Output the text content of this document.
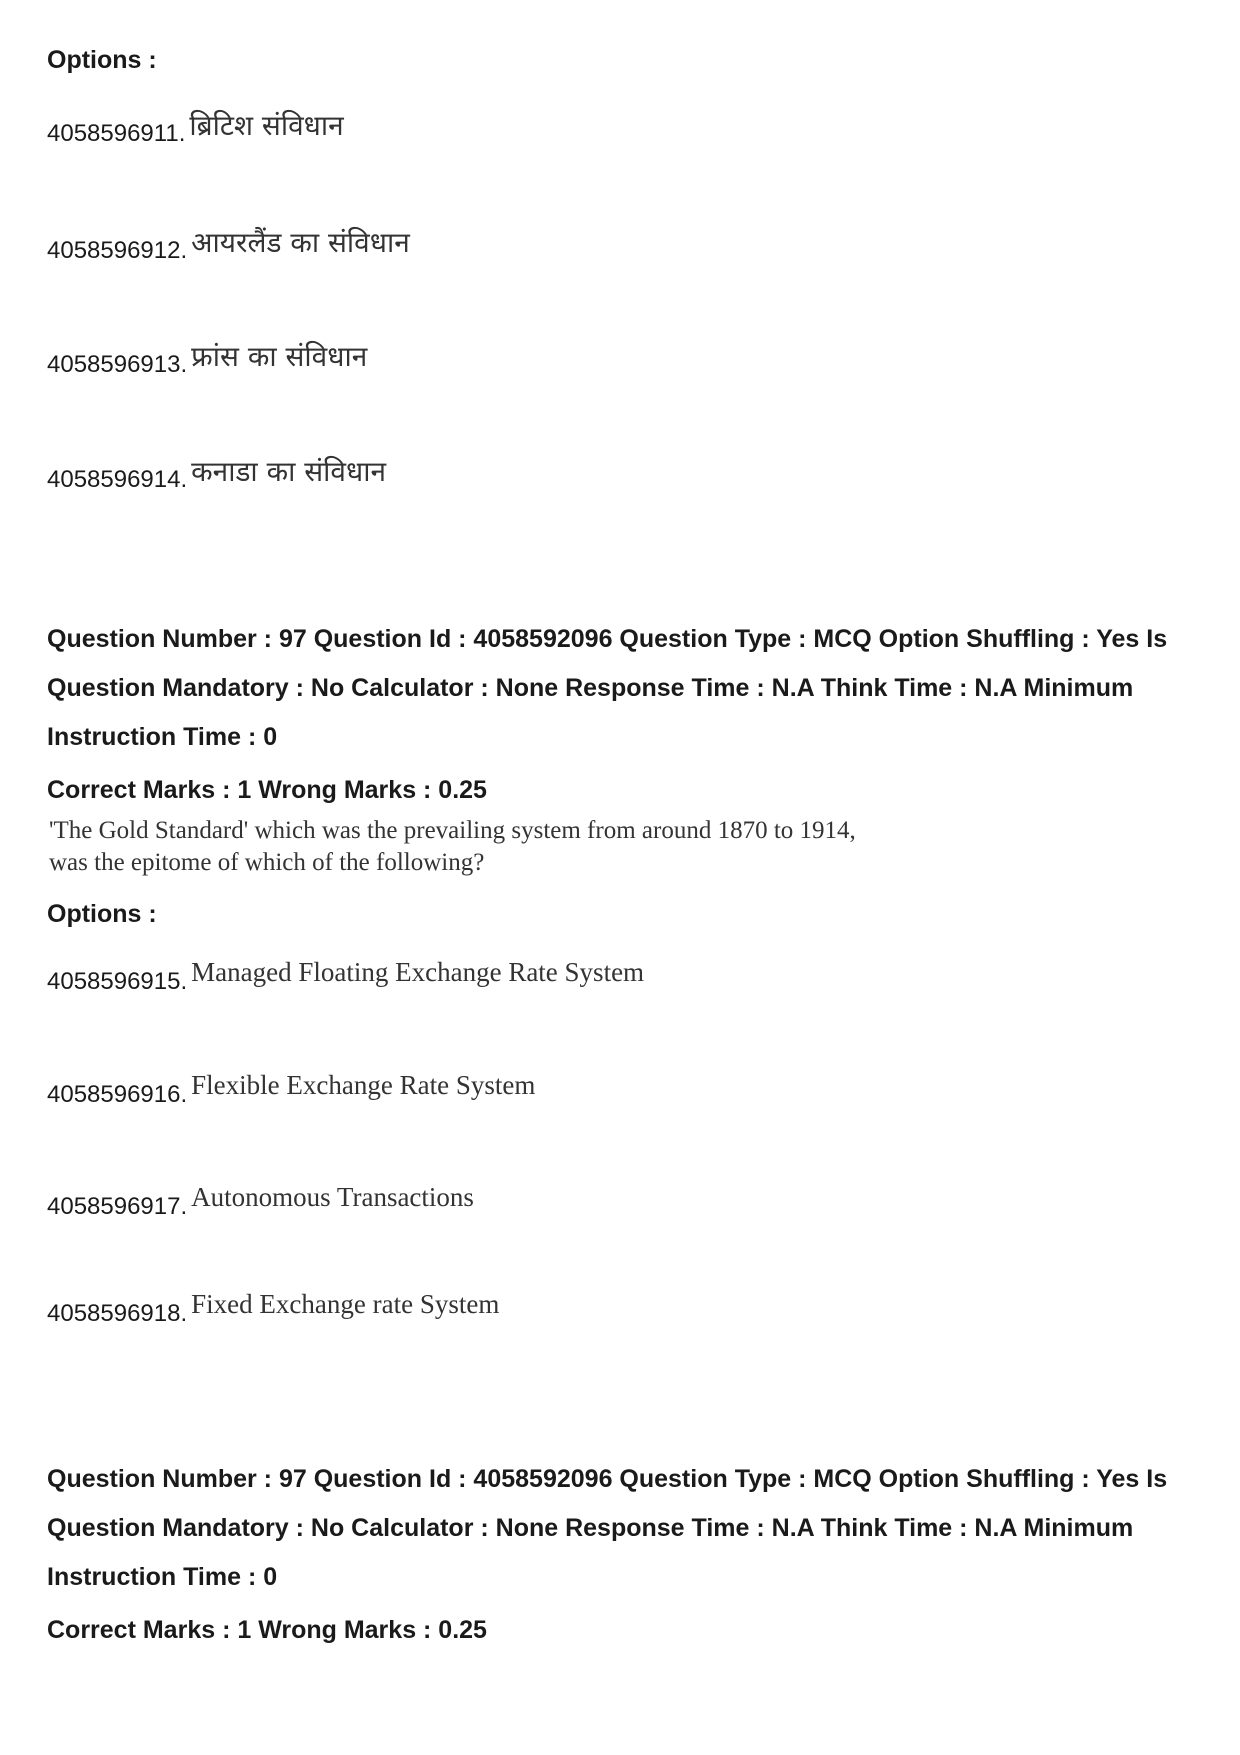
Options :
4058596911. ब्रिटिश संविधान
4058596912. आयरलैंड का संविधान
4058596913. फ्रांस का संविधान
4058596914. कनाडा का संविधान
Question Number : 97 Question Id : 4058592096 Question Type : MCQ Option Shuffling : Yes Is
Question Mandatory : No Calculator : None Response Time : N.A Think Time : N.A Minimum
Instruction Time : 0
Correct Marks : 1 Wrong Marks : 0.25
'The Gold Standard' which was the prevailing system from around 1870 to 1914,
was the epitome of which of the following?
Options :
4058596915. Managed Floating Exchange Rate System
4058596916. Flexible Exchange Rate System
4058596917. Autonomous Transactions
4058596918. Fixed Exchange rate System
Question Number : 97 Question Id : 4058592096 Question Type : MCQ Option Shuffling : Yes Is
Question Mandatory : No Calculator : None Response Time : N.A Think Time : N.A Minimum
Instruction Time : 0
Correct Marks : 1 Wrong Marks : 0.25
